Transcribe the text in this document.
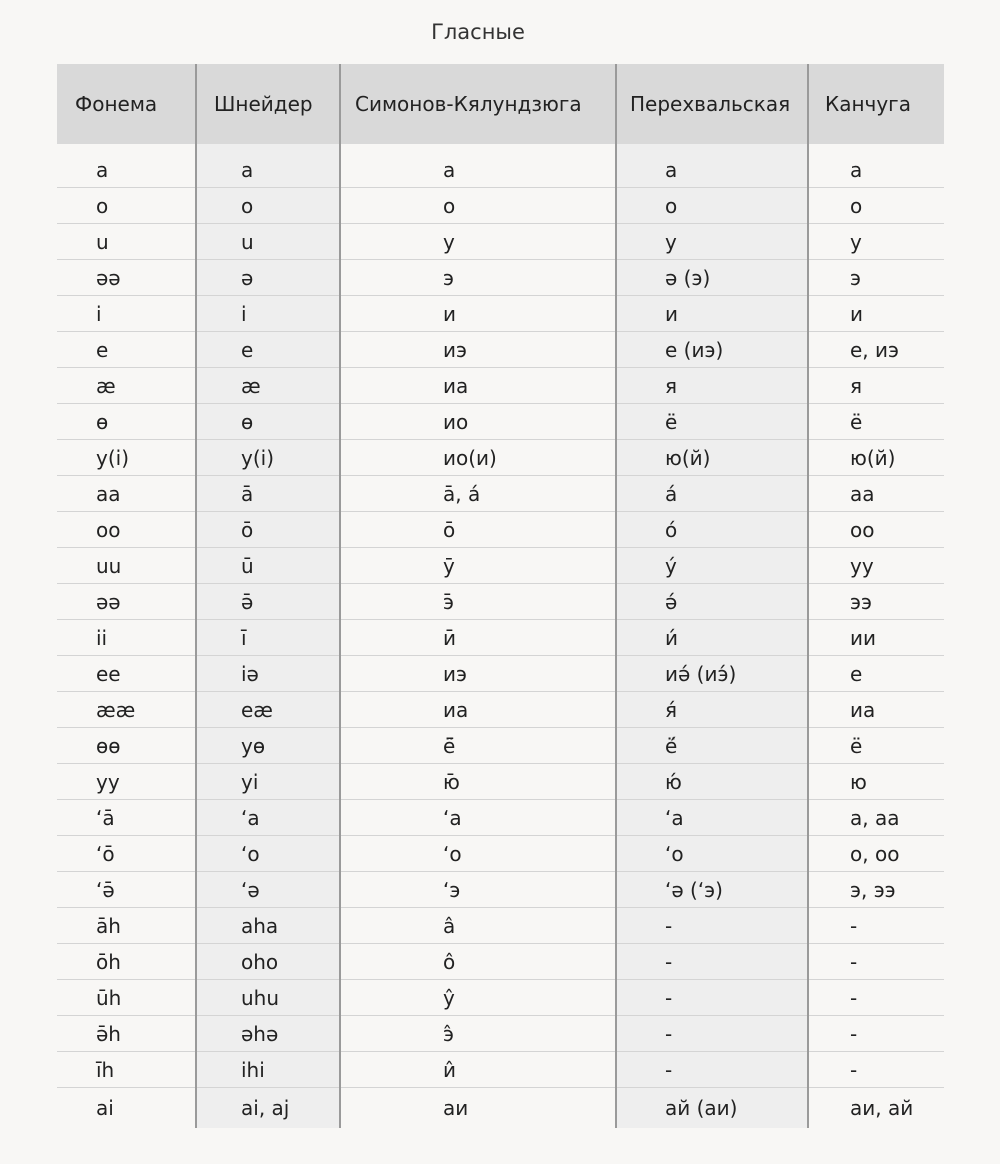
Гласные
Фонема	Шнейдер	Симонов-Кялундзюга	Перехвальская	Канчуга

a	a	а	а	а
o	o	о	о	о
u	u	у	у	у
əə	ə	э	ə (э)	э
i	i	и	и	и
e	e	иэ	е (иэ)	е, иэ
æ	æ	иа	я	я
ɵ	ɵ	ио	ё	ё
y(i)	y(i)	ио(и)	ю(й)	ю(й)
aa	ā	ā, а́	а́	аа
oo	ō	ō	о́	оо
uu	ū	ӯ	у́	уу
əə	ə̄	э̄	ə́	ээ
ii	ī	ӣ	и́	ии
ee	iə	иэ	иə́ (иэ́)	е
ææ	eæ	иа	я́	иа
ɵɵ	yɵ	ё̄	ё́	ё
yy	yi	ю̄	ю́	ю
ʻā	ʻa	ʻа	ʻа	а, аа
ʻō	ʻo	ʻо	ʻо	о, оо
ʻə̄	ʻə	ʻэ	ʻə (ʻэ)	э, ээ
āh	aha	а̂	-	-
ōh	oho	о̂	-	-
ūh	uhu	у̂	-	-
ə̄h	əhə	э̂	-	-
īh	ihi	и̂	-	-
ai	ai, aj	аи	ай (аи)	аи, ай
